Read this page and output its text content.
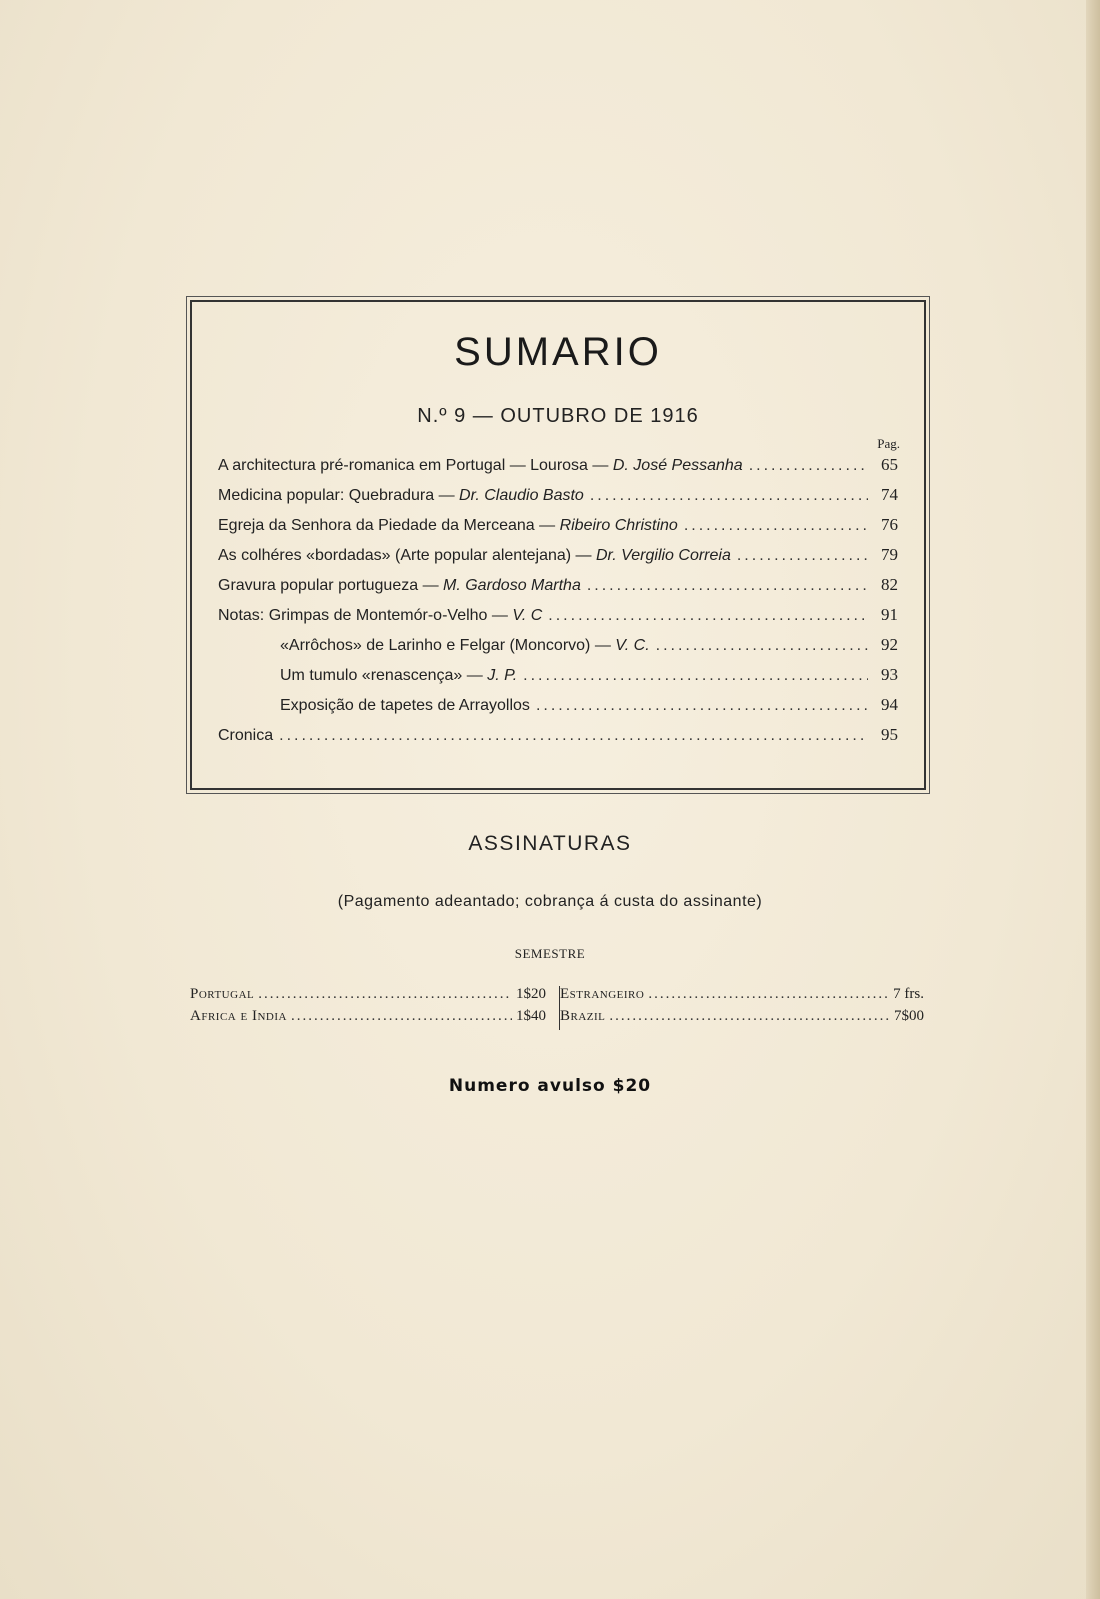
SUMARIO
N.º 9 — OUTUBRO DE 1916
Pag.
A architectura pré-romanica em Portugal — Lourosa — D. José Pessanha .....	65
Medicina popular: Quebradura — Dr. Claudio Basto .....	74
Egreja da Senhora da Piedade da Merceana — Ribeiro Christino .....	76
As colhéres «bordadas» (Arte popular alentejana) — Dr. Vergilio Correia .....	79
Gravura popular portugueza — M. Gardoso Martha .....	82
Notas: Grimpas de Montemór-o-Velho — V. C .....	91
«Arrôchos» de Larinho e Felgar (Moncorvo) — V. C. .....	92
Um tumulo «renascença» — J. P. .....	93
Exposição de tapetes de Arrayollos .....	94
Cronica .....	95
ASSINATURAS
(Pagamento adeantado; cobrança á custa do assinante)
SEMESTRE
Portugal .....	1$20
Africa e India .....	1$40
Estrangeiro .....	7 frs.
Brazil .....	7$00
Numero avulso $20
